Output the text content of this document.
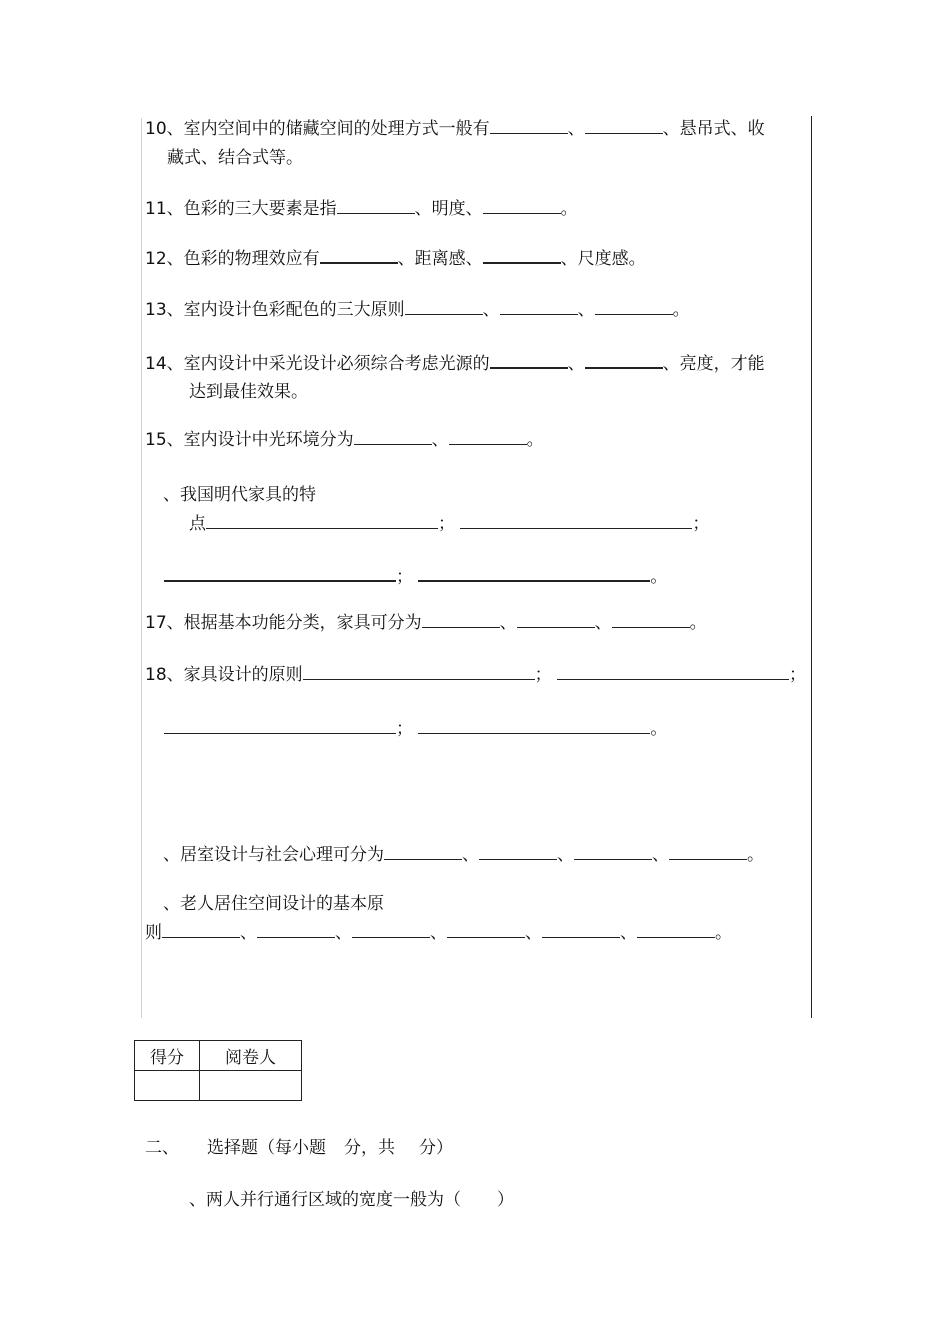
10、室内空间中的储藏空间的处理方式一般有	、	、悬吊式、收
藏式、结合式等。
11、色彩的三大要素是指	、明度、	。
12、色彩的物理效应有	、距离感、	、尺度感。
13、室内设计色彩配色的三大原则	、	、	。
14、室内设计中采光设计必须综合考虑光源的	、	、亮度，才能
达到最佳效果。
15、室内设计中光环境分为	、	。
、我国明代家具的特
点	；	；
；	。
17、根据基本功能分类，家具可分为	、	、	。
18、家具设计的原则	；	；
；	。
、居室设计与社会心理可分为	、	、	、	。
、老人居住空间设计的基本原
则	、	、	、	、	、	。
得分	阅卷人

二、 选择题（每小题 分，共 分）
、两人并行通行区域的宽度一般为（ ）
